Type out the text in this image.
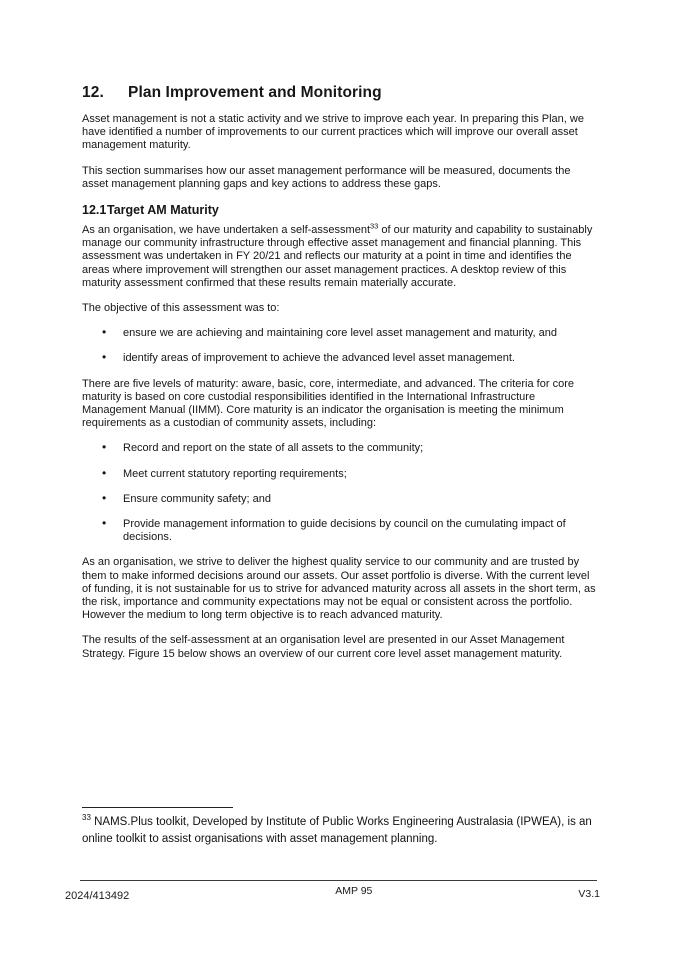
12. Plan Improvement and Monitoring

Asset management is not a static activity and we strive to improve each year. In preparing this Plan, we have identified a number of improvements to our current practices which will improve our overall asset management maturity.

This section summarises how our asset management performance will be measured, documents the asset management planning gaps and key actions to address these gaps.

12.1Target AM Maturity

As an organisation, we have undertaken a self-assessment$^{33}$ of our maturity and capability to sustainably manage our community infrastructure through effective asset management and financial planning. This assessment was undertaken in FY 20/21 and reflects our maturity at a point in time and identifies the areas where improvement will strengthen our asset management practices. A desktop review of this maturity assessment confirmed that these results remain materially accurate.

The objective of this assessment was to:

• ensure we are achieving and maintaining core level asset management and maturity, and
• identify areas of improvement to achieve the advanced level asset management.

There are five levels of maturity: aware, basic, core, intermediate, and advanced. The criteria for core maturity is based on core custodial responsibilities identified in the International Infrastructure Management Manual (IIMM). Core maturity is an indicator the organisation is meeting the minimum requirements as a custodian of community assets, including:

• Record and report on the state of all assets to the community;
• Meet current statutory reporting requirements;
• Ensure community safety; and
• Provide management information to guide decisions by council on the cumulating impact of decisions.

As an organisation, we strive to deliver the highest quality service to our community and are trusted by them to make informed decisions around our assets. Our asset portfolio is diverse. With the current level of funding, it is not sustainable for us to strive for advanced maturity across all assets in the short term, as the risk, importance and community expectations may not be equal or consistent across the portfolio. However the medium to long term objective is to reach advanced maturity.

The results of the self-assessment at an organisation level are presented in our Asset Management Strategy. Figure 15 below shows an overview of our current core level asset management maturity.

$^{33}$ NAMS.Plus toolkit, Developed by Institute of Public Works Engineering Australasia (IPWEA), is an online toolkit to assist organisations with asset management planning.

2024/413492	AMP 95	V3.1
